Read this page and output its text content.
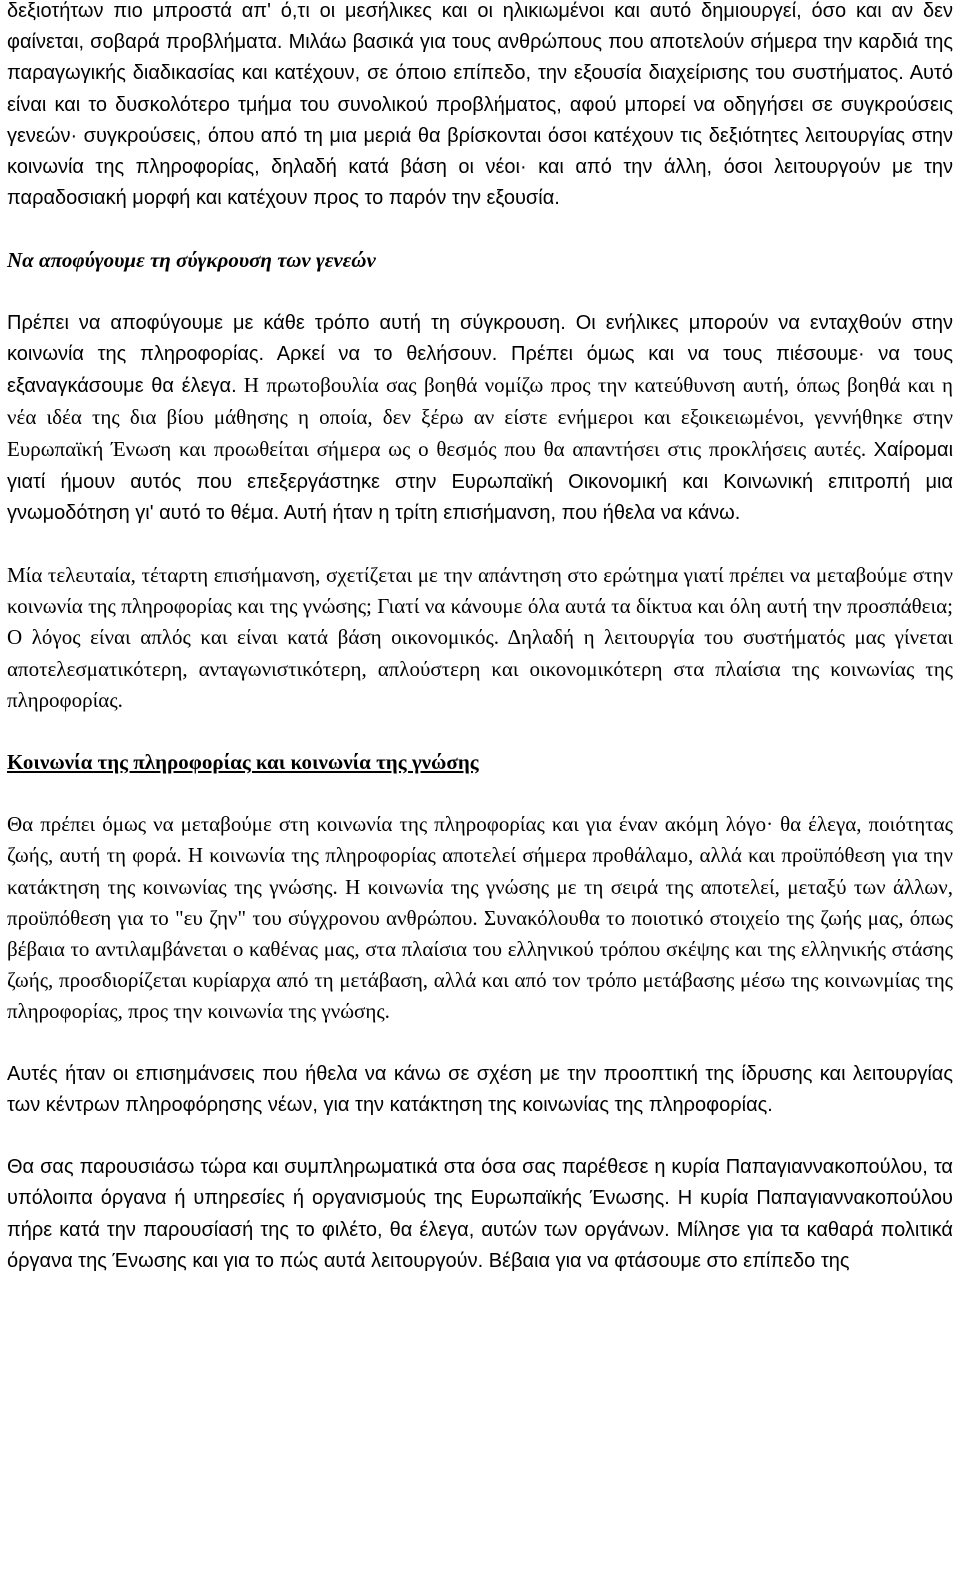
δεξιοτήτων πιο μπροστά απ' ό,τι οι μεσήλικες και οι ηλικιωμένοι και αυτό δημιουργεί, όσο και αν δεν φαίνεται, σοβαρά προβλήματα. Μιλάω βασικά για τους ανθρώπους που αποτελούν σήμερα την καρδιά της παραγωγικής διαδικασίας και κατέχουν, σε όποιο επίπεδο, την εξουσία διαχείρισης του συστήματος. Αυτό είναι και το δυσκολότερο τμήμα του συνολικού προβλήματος, αφού μπορεί να οδηγήσει σε συγκρούσεις γενεών· συγκρούσεις, όπου από τη μια μεριά θα βρίσκονται όσοι κατέχουν τις δεξιότητες λειτουργίας στην κοινωνία της πληροφορίας, δηλαδή κατά βάση οι νέοι· και από την άλλη, όσοι λειτουργούν με την παραδοσιακή μορφή και κατέχουν προς το παρόν την εξουσία.

Να αποφύγουμε τη σύγκρουση των γενεών

Πρέπει να αποφύγουμε με κάθε τρόπο αυτή τη σύγκρουση. Οι ενήλικες μπορούν να ενταχθούν στην κοινωνία της πληροφορίας. Αρκεί να το θελήσουν. Πρέπει όμως και να τους πιέσουμε· να τους εξαναγκάσουμε θα έλεγα. Η πρωτοβουλία σας βοηθά νομίζω προς την κατεύθυνση αυτή, όπως βοηθά και η νέα ιδέα της δια βίου μάθησης η οποία, δεν ξέρω αν είστε ενήμεροι και εξοικειωμένοι, γεννήθηκε στην Ευρωπαϊκή Ένωση και προωθείται σήμερα ως ο θεσμός που θα απαντήσει στις προκλήσεις αυτές. Χαίρομαι γιατί ήμουν αυτός που επεξεργάστηκε στην Ευρωπαϊκή Οικονομική και Κοινωνική επιτροπή μια γνωμοδότηση γι' αυτό το θέμα. Αυτή ήταν η τρίτη επισήμανση, που ήθελα να κάνω.

Μία τελευταία, τέταρτη επισήμανση, σχετίζεται με την απάντηση στο ερώτημα γιατί πρέπει να μεταβούμε στην κοινωνία της πληροφορίας και της γνώσης; Γιατί να κάνουμε όλα αυτά τα δίκτυα και όλη αυτή την προσπάθεια; Ο λόγος είναι απλός και είναι κατά βάση οικονομικός. Δηλαδή η λειτουργία του συστήματός μας γίνεται αποτελεσματικότερη, ανταγωνιστικότερη, απλούστερη και οικονομικότερη στα πλαίσια της κοινωνίας της πληροφορίας.

Κοινωνία της πληροφορίας και κοινωνία της γνώσης

Θα πρέπει όμως να μεταβούμε στη κοινωνία της πληροφορίας και για έναν ακόμη λόγο· θα έλεγα, ποιότητας ζωής, αυτή τη φορά. Η κοινωνία της πληροφορίας αποτελεί σήμερα προθάλαμο, αλλά και προϋπόθεση για την κατάκτηση της κοινωνίας της γνώσης. Η κοινωνία της γνώσης με τη σειρά της αποτελεί, μεταξύ των άλλων, προϋπόθεση για το "ευ ζην" του σύγχρονου ανθρώπου. Συνακόλουθα το ποιοτικό στοιχείο της ζωής μας, όπως βέβαια το αντιλαμβάνεται ο καθένας μας, στα πλαίσια του ελληνικού τρόπου σκέψης και της ελληνικής στάσης ζωής, προσδιορίζεται κυρίαρχα από τη μετάβαση, αλλά και από τον τρόπο μετάβασης μέσω της κοινωνμίας της πληροφορίας, προς την κοινωνία της γνώσης.

Αυτές ήταν οι επισημάνσεις που ήθελα να κάνω σε σχέση με την προοπτική της ίδρυσης και λειτουργίας των κέντρων πληροφόρησης νέων, για την κατάκτηση της κοινωνίας της πληροφορίας.

Θα σας παρουσιάσω τώρα και συμπληρωματικά στα όσα σας παρέθεσε η κυρία Παπαγιαννακοπούλου, τα υπόλοιπα όργανα ή υπηρεσίες ή οργανισμούς της Ευρωπαϊκής Ένωσης. Η κυρία Παπαγιαννακοπούλου πήρε κατά την παρουσίασή της το φιλέτο, θα έλεγα, αυτών των οργάνων. Μίλησε για τα καθαρά πολιτικά όργανα της Ένωσης και για το πώς αυτά λειτουργούν. Βέβαια για να φτάσουμε στο επίπεδο της
